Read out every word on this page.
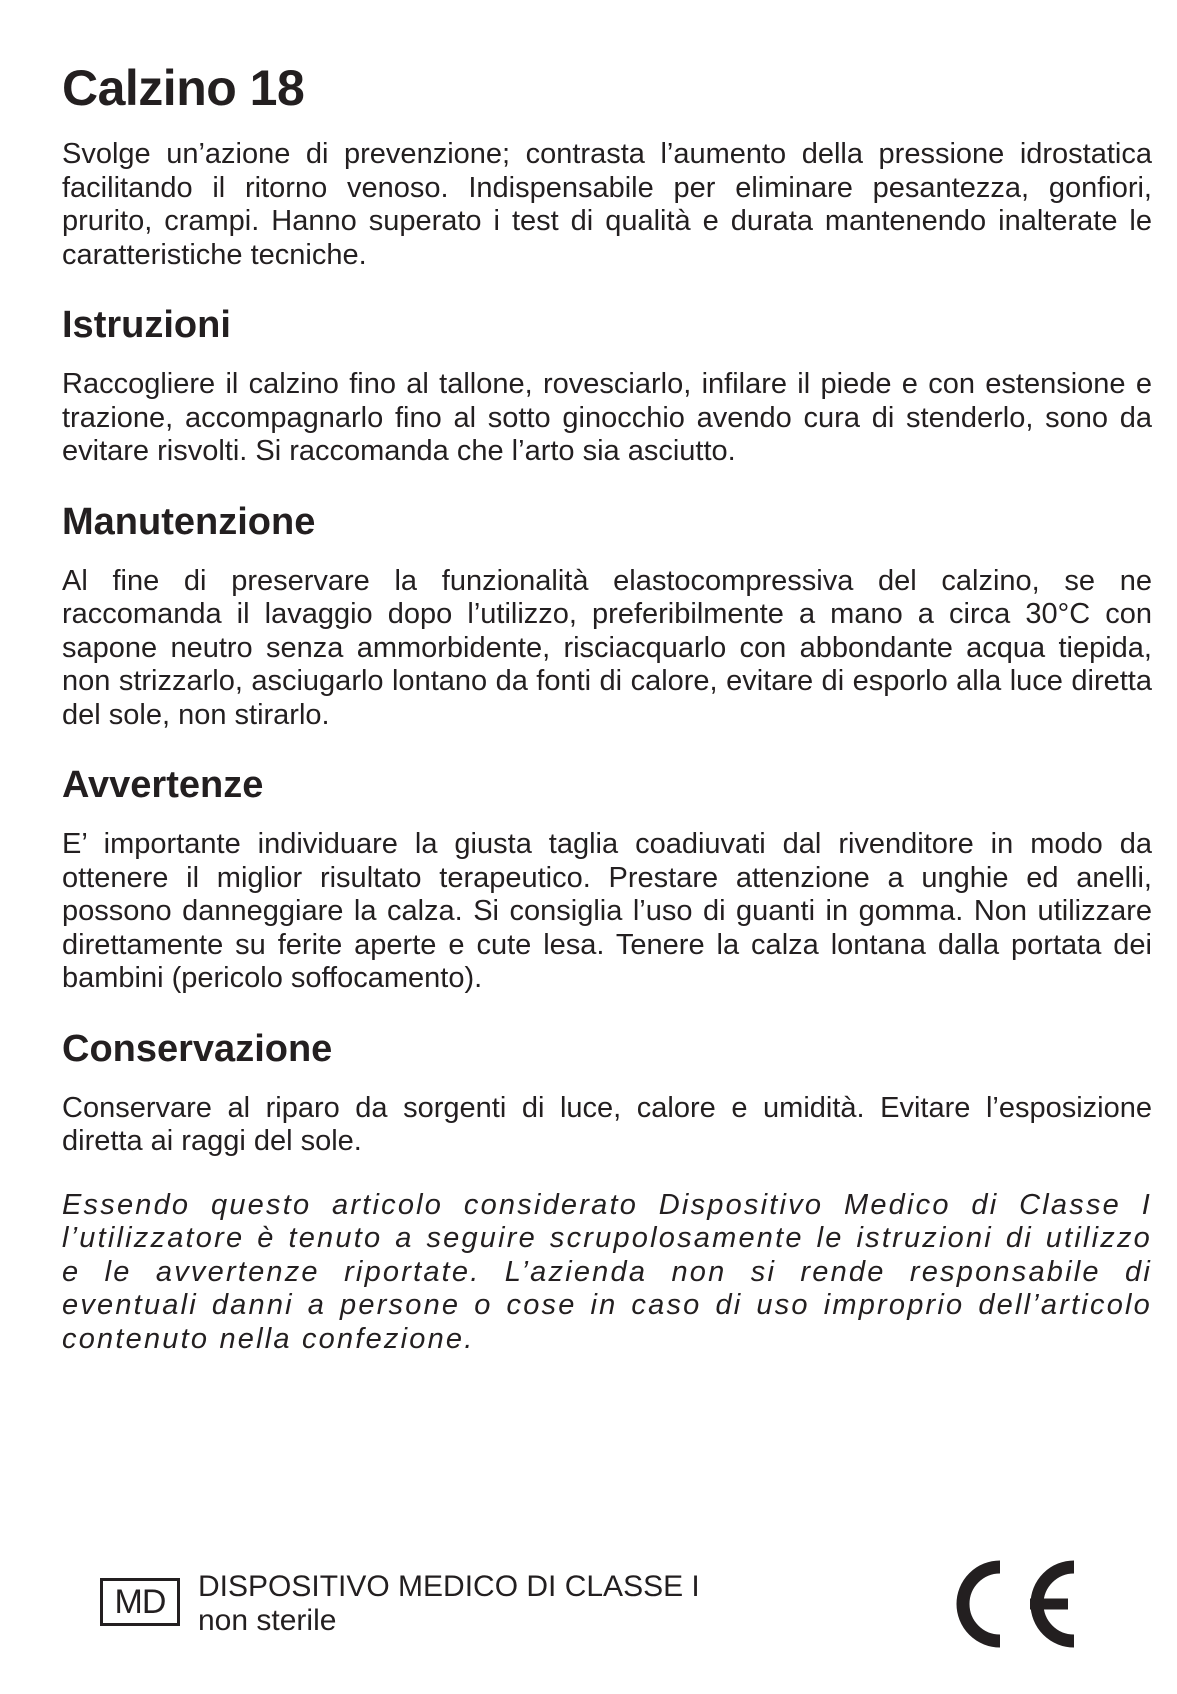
Calzino 18

Svolge un’azione di prevenzione; contrasta l’aumento della pressione idrostatica facilitando il ritorno venoso. Indispensabile per eliminare pesantezza, gonfiori, prurito, crampi. Hanno superato i test di qualità e durata mantenendo inalterate le caratteristiche tecniche.

Istruzioni

Raccogliere il calzino fino al tallone, rovesciarlo, infilare il piede e con estensione e trazione, accompagnarlo fino al sotto ginocchio avendo cura di stenderlo, sono da evitare risvolti. Si raccomanda che l’arto sia asciutto.

Manutenzione

Al fine di preservare la funzionalità elastocompressiva del calzino, se ne raccomanda il lavaggio dopo l’utilizzo, preferibilmente a mano a circa 30°C con sapone neutro senza ammorbidente, risciacquarlo con abbondante acqua tiepida, non strizzarlo, asciugarlo lontano da fonti di calore, evitare di esporlo alla luce diretta del sole, non stirarlo.

Avvertenze

E’ importante individuare la giusta taglia coadiuvati dal rivenditore in modo da ottenere il miglior risultato terapeutico. Prestare attenzione a unghie ed anelli, possono danneggiare la calza. Si consiglia l’uso di guanti in gomma. Non utilizzare direttamente su ferite aperte e cute lesa. Tenere la calza lontana dalla portata dei bambini (pericolo soffocamento).

Conservazione

Conservare al riparo da sorgenti di luce, calore e umidità. Evitare l’esposizione diretta ai raggi del sole.

Essendo questo articolo considerato Dispositivo Medico di Classe I l’utilizzatore è tenuto a seguire scrupolosamente le istruzioni di utilizzo e le avvertenze riportate. L’azienda non si rende responsabile di eventuali danni a persone o cose in caso di uso improprio dell’articolo contenuto nella confezione.

MD	DISPOSITIVO MEDICO DI CLASSE I
non sterile
